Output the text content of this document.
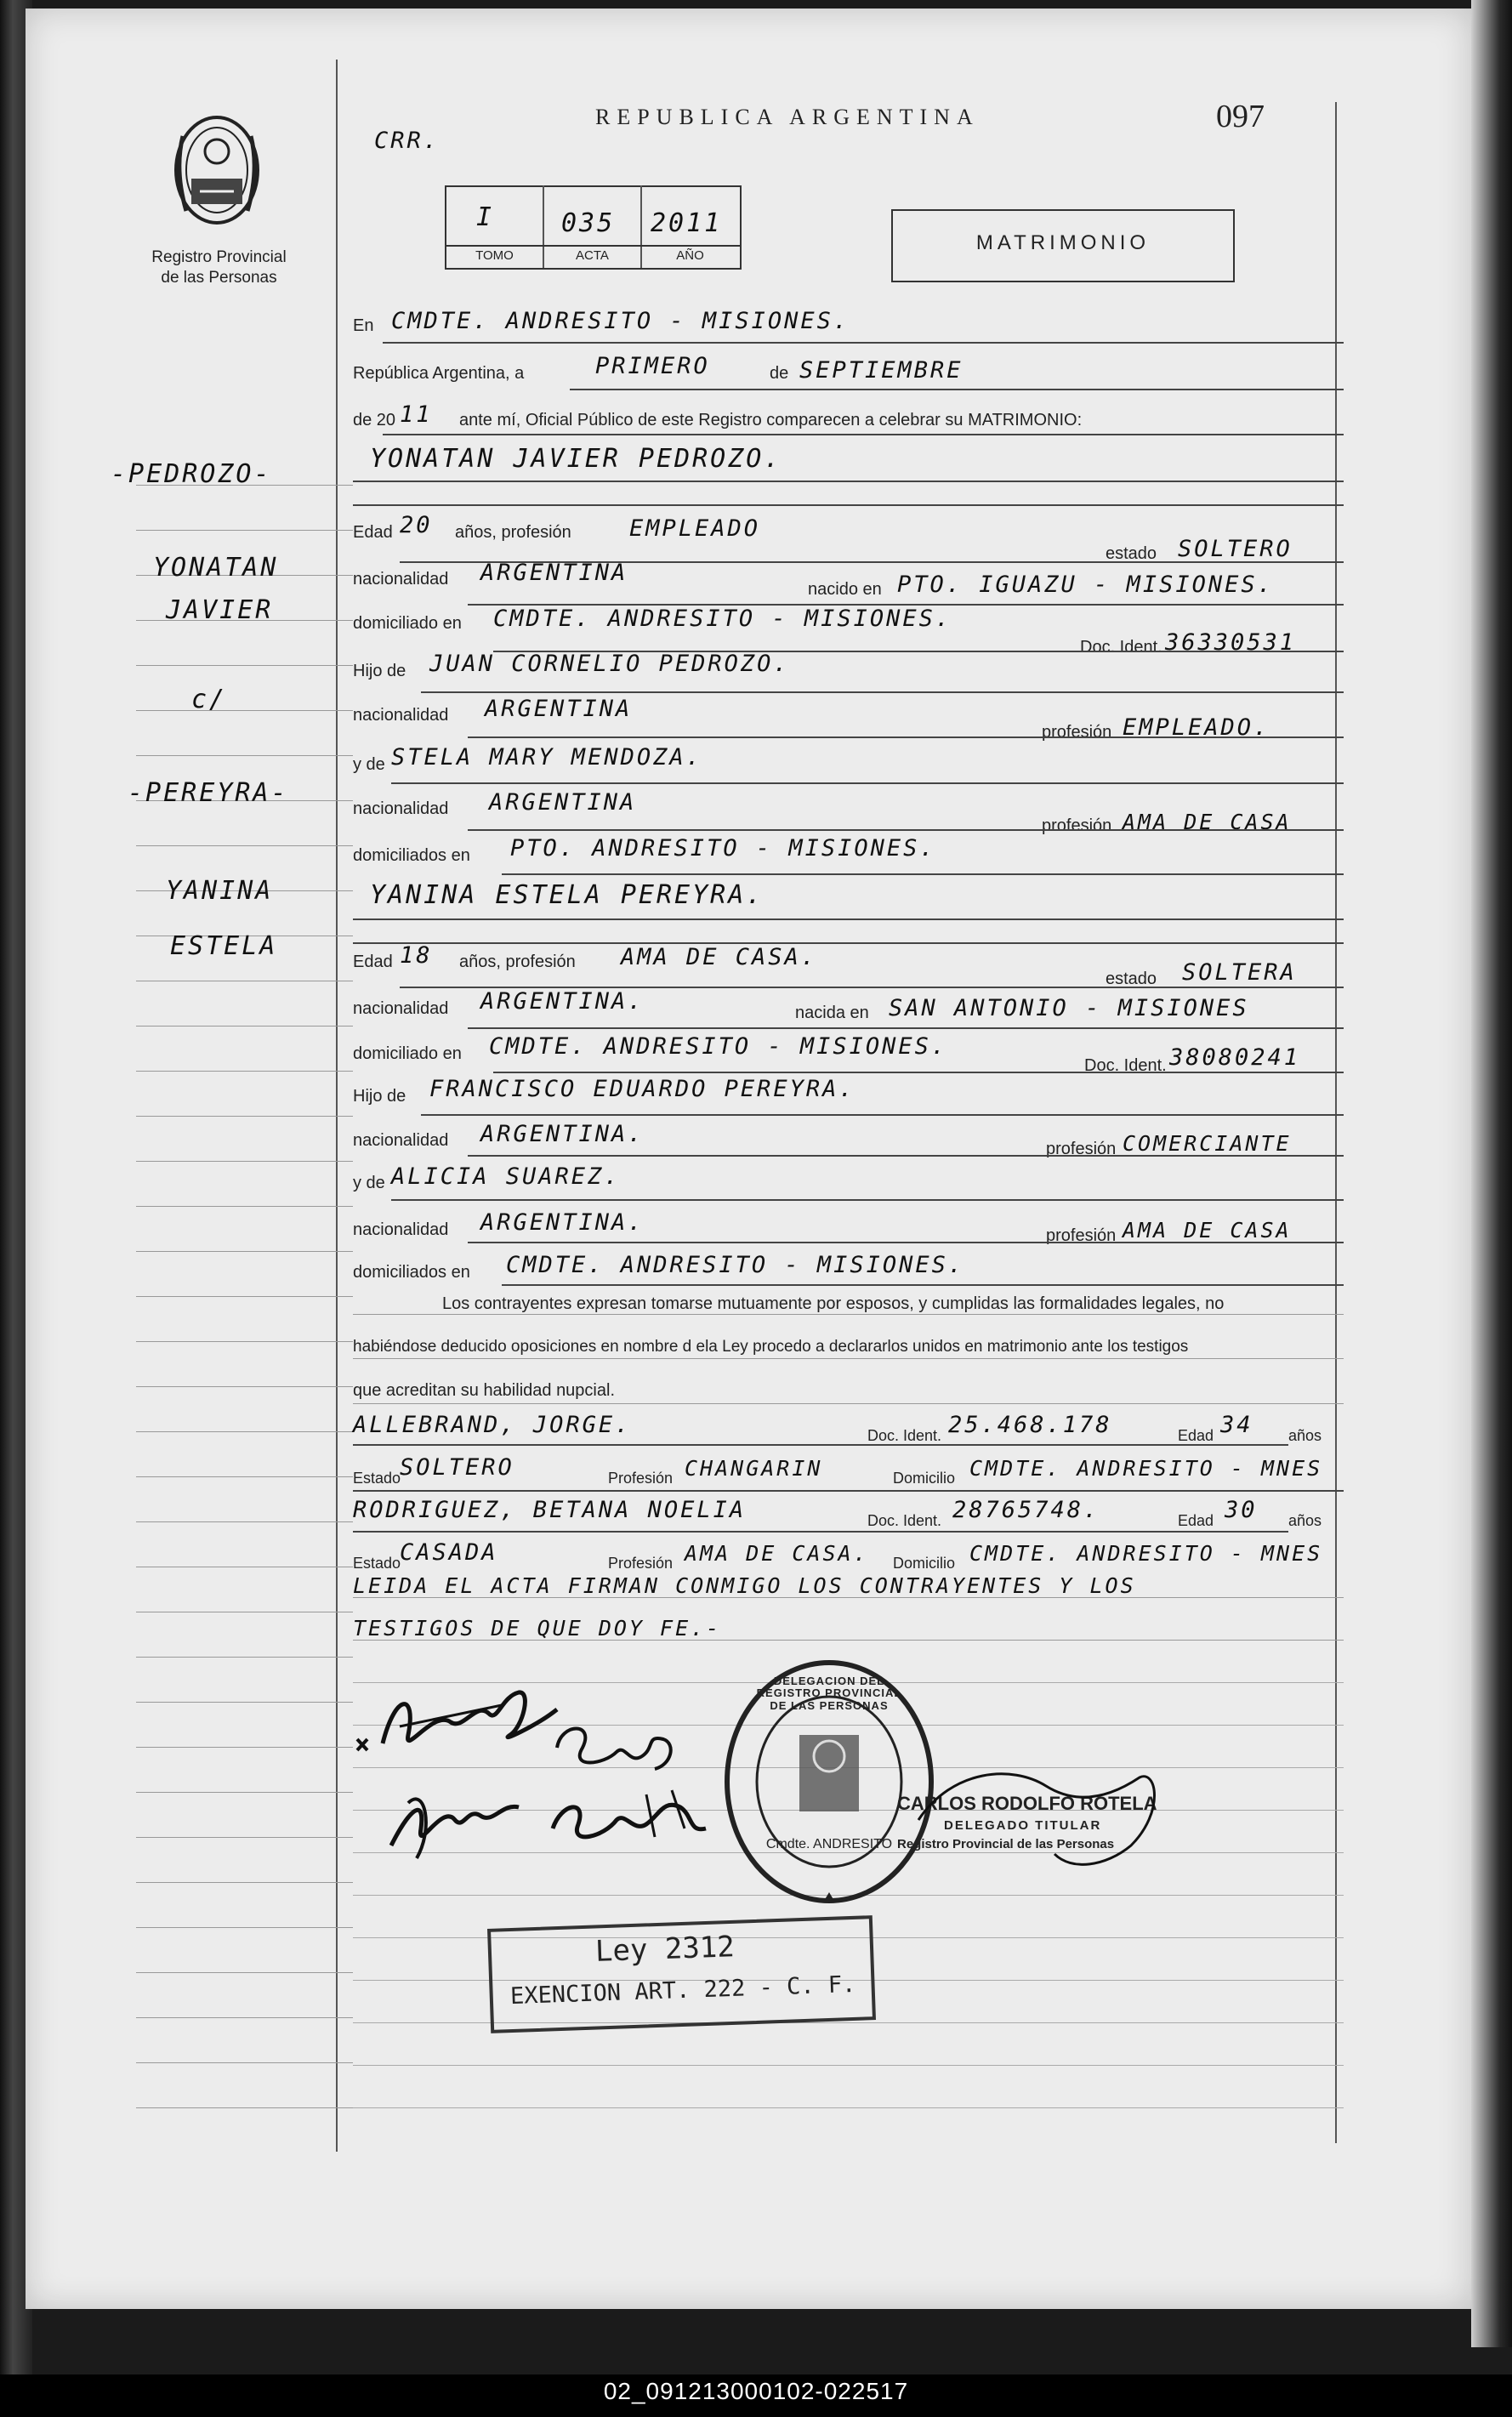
Registro Provincial
de las Personas
CRR.
REPUBLICA ARGENTINA	097
I	035 2011
TOMO	ACTA	AÑO
MATRIMONIO
-PEDROZO-
YONATAN
JAVIER
c/
-PEREYRA-
YANINA
ESTELA
En CMDTE. ANDRESITO - MISIONES.
República Argentina, a	PRIMERO	de SEPTIEMBRE
de 20 11 ante mí, Oficial Público de este Registro comparecen a celebrar su MATRIMONIO:
YONATAN JAVIER PEDROZO.
Edad 20 años, profesión	EMPLEADO
estado SOLTERO
nacionalidad ARGENTINA
nacido en PTO. IGUAZU - MISIONES.
domiciliado en CMDTE. ANDRESITO - MISIONES.
Doc. Ident. 36330531
Hijo de JUAN CORNELIO PEDROZO.
nacionalidad ARGENTINA
profesión EMPLEADO.
y de STELA MARY MENDOZA.
nacionalidad ARGENTINA
profesión AMA DE CASA
domiciliados en PTO. ANDRESITO - MISIONES.
YANINA ESTELA PEREYRA.
Edad 18 años, profesión AMA DE CASA.
estado SOLTERA
nacionalidad ARGENTINA.	nacida en SAN ANTONIO - MISIONES
domiciliado en CMDTE. ANDRESITO - MISIONES.
Doc. Ident. 38080241
Hijo de FRANCISCO EDUARDO PEREYRA.
nacionalidad ARGENTINA.
profesión COMERCIANTE
y de ALICIA SUAREZ.
nacionalidad ARGENTINA.	profesión AMA DE CASA
domiciliados en CMDTE. ANDRESITO - MISIONES.
Los contrayentes expresan tomarse mutuamente por esposos, y cumplidas las formalidades legales, no
habiéndose deducido oposiciones en nombre d ela Ley procedo a declararlos unidos en matrimonio ante los testigos
que acreditan su habilidad nupcial.
ALLEBRAND, JORGE.	Doc. Ident. 25.468.178	Edad 34 años
Estado
SOLTERO	Profesión CHANGARIN	Domicilio CMDTE. ANDRESITO - MNES
RODRIGUEZ, BETANA NOELIA	Doc. Ident. 28765748.	Edad 30 años
Estado
CASADA	Profesión AMA DE CASA. Domicilio CMDTE. ANDRESITO - MNES
LEIDA EL ACTA FIRMAN CONMIGO LOS CONTRAYENTES Y LOS
TESTIGOS DE QUE DOY FE.-
DELEGACION DEL REGISTRO PROVINCIAL DE LAS PERSONAS
Cmdte. ANDRESITO
CARLOS RODOLFO ROTELA
DELEGADO TITULAR
Registro Provincial de las Personas
Ley 2312
EXENCION ART. 222 - C. F.
02_091213000102-022517
